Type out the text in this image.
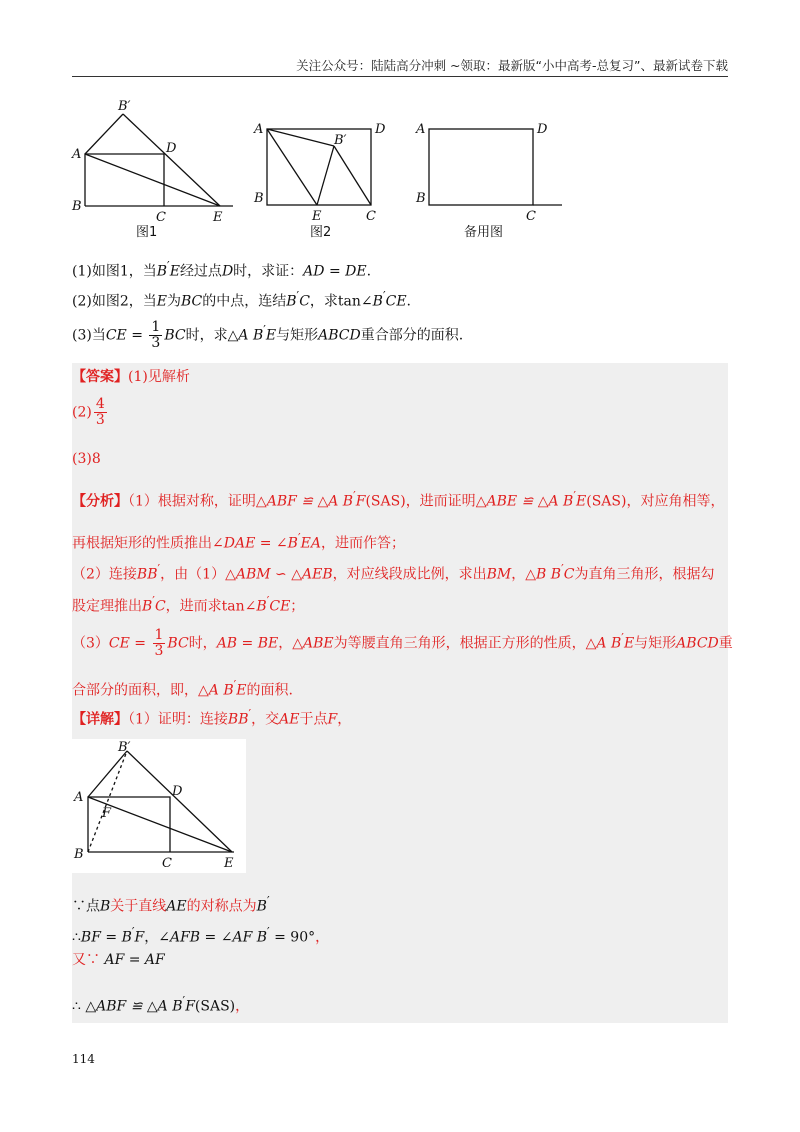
关注公众号：陆陆高分冲刺 ~领取：最新版“小中高考-总复习”、最新试卷下载
B′
A	D
B
C	E
图1
A	D
B′
B
E	C
图2
A	D
B
C
备用图
(1)如图1，当B′E经过点D时，求证：AD = DE.
(2)如图2，当E为BC的中点，连结B′C，求tan∠B′CE.
(3)当CE = $\frac{1}{3}$ BC时，求△A B′E与矩形ABCD重合部分的面积.
【答案】(1)见解析
$(2) \frac{4}{3}$
(3)8
【分析】（1）根据对称，证明△ABF ≌ △A B′F(SAS)，进而证明△ABE ≌ △A B′E(SAS)，对应角相等，
再根据矩形的性质推出∠DAE = ∠B′EA，进而作答；
（2）连接BB′，由（1）△ABM ∽ △AEB，对应线段成比例，求出BM，△B B′C为直角三角形，根据勾
股定理推出B′C，进而求tan∠B′CE；
$(3)CE = \frac{1}{3}$ BC时，AB = BE，△ABE为等腰直角三角形，根据正方形的性质，△A B′E与矩形ABCD重
合部分的面积，即，△A B′E的面积.
【详解】（1）证明：连接BB′，交AE于点F，
B′
A	D
F
B
C	E
∵点B关于直线AE的对称点为B′
∴BF = B′F，∠AFB = ∠AF B′ = 90°，
又∵ AF = AF
∴ △ABF ≌ △A B′F(SAS)，
114
